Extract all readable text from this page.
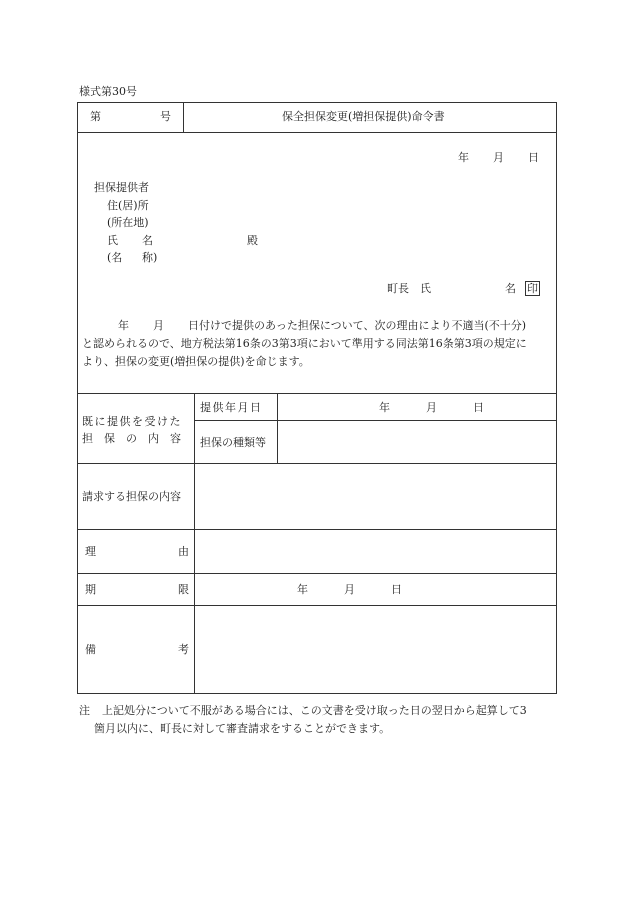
様式第30号
第	号	保全担保変更(増担保提供)命令書
年 月 日
担保提供者
住(居)所
(所在地)
氏 名	殿
(名 称)
町長 氏	名 印
年 月 日付けで提供のあった担保について、次の理由により不適当(不十分)
と認められるので、地方税法第16条の3第3項において準用する同法第16条第3項の規定に
より、担保の変更(増担保の提供)を命じます。
既に提供を受けた
担保の内容
提供年月日	年	月	日
担保の種類等
請求する担保の内容
理	由
期	限	年	月	日
備	考
注 上記処分について不服がある場合には、この文書を受け取った日の翌日から起算して3
箇月以内に、町長に対して審査請求をすることができます。
